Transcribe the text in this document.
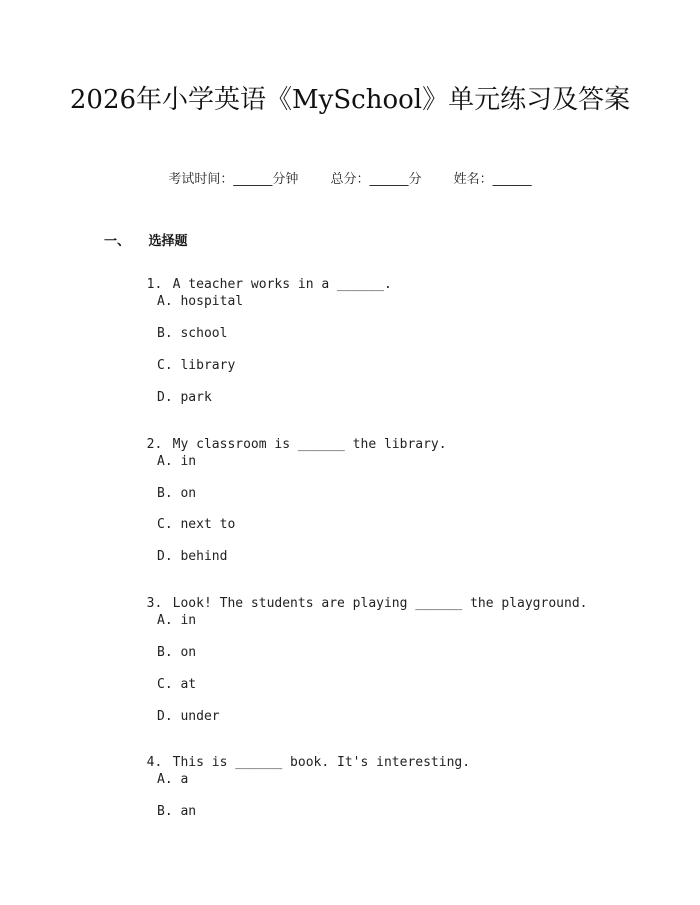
2026年小学英语《MySchool》单元练习及答案
考试时间：______分钟 总分：______分 姓名：______
一、 选择题

1. A teacher works in a ______.

A. hospital
B. school
C. library
D. park

2. My classroom is ______ the library.

A. in
B. on
C. next to
D. behind

3. Look! The students are playing ______ the playground.

A. in
B. on
C. at
D. under

4. This is ______ book. It's interesting.

A. a
B. an
